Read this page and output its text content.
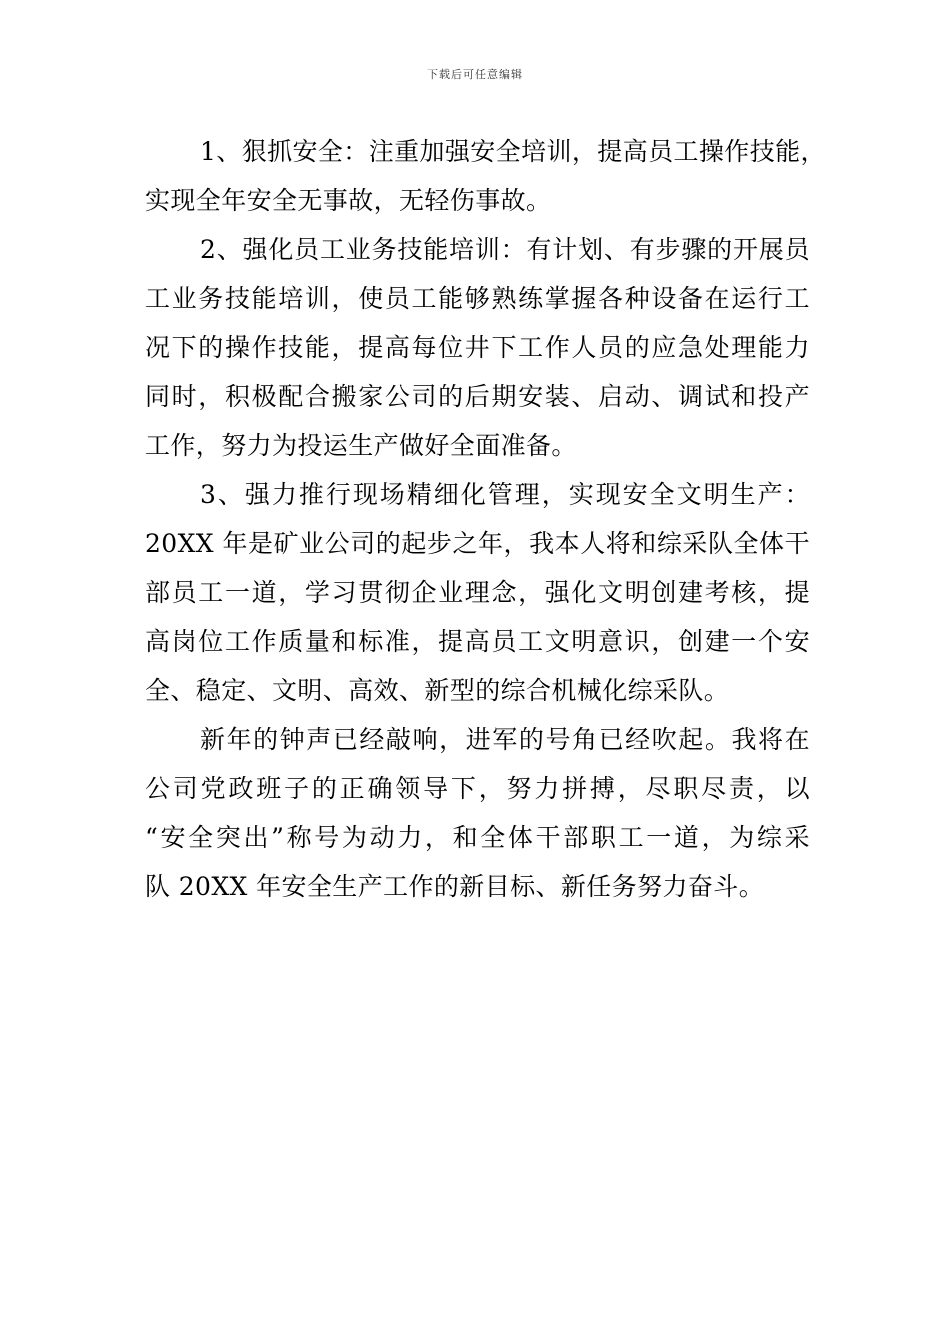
下载后可任意编辑
1、狠抓安全：注重加强安全培训，提高员工操作技能，
实现全年安全无事故，无轻伤事故。
2、强化员工业务技能培训：有计划、有步骤的开展员
工业务技能培训，使员工能够熟练掌握各种设备在运行工
况下的操作技能，提高每位井下工作人员的应急处理能力
同时，积极配合搬家公司的后期安装、启动、调试和投产
工作，努力为投运生产做好全面准备。
3、强力推行现场精细化管理，实现安全文明生产：
20XX 年是矿业公司的起步之年，我本人将和综采队全体干
部员工一道，学习贯彻企业理念，强化文明创建考核，提
高岗位工作质量和标准，提高员工文明意识，创建一个安
全、稳定、文明、高效、新型的综合机械化综采队。
新年的钟声已经敲响，进军的号角已经吹起。我将在
公司党政班子的正确领导下，努力拼搏，尽职尽责，以
“安全突出”称号为动力，和全体干部职工一道，为综采
队 20XX 年安全生产工作的新目标、新任务努力奋斗。
